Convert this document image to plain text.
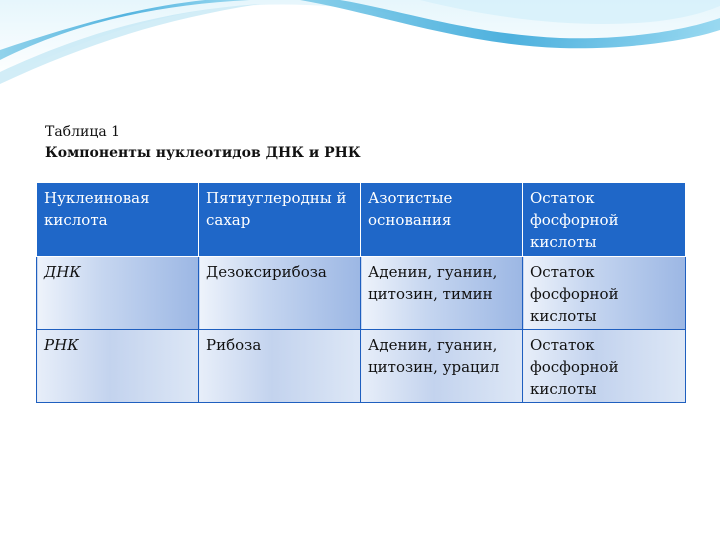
Таблица 1
Компоненты нуклеотидов ДНК и РНК
Нуклеиновая кислота	Пятиуглеродны й сахар	Азотистые основания	Остаток фосфорной кислоты
ДНК	Дезоксирибоза	Аденин, гуанин, цитозин, тимин	Остаток фосфорной кислоты
РНК	Рибоза	Аденин, гуанин, цитозин, урацил	Остаток фосфорной кислоты
